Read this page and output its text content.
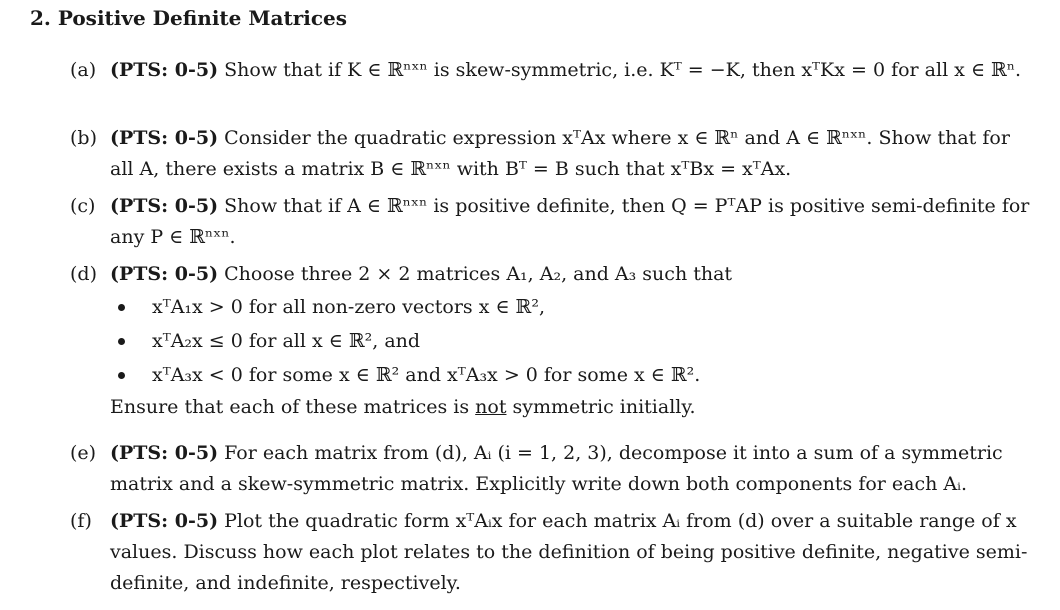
2. Positive Definite Matrices
(a) (PTS: 0-5) Show that if K ∈ ℝⁿˣⁿ is skew-symmetric, i.e. Kᵀ = −K, then xᵀKx = 0 for all x ∈ ℝⁿ.
(b) (PTS: 0-5) Consider the quadratic expression xᵀAx where x ∈ ℝⁿ and A ∈ ℝⁿˣⁿ. Show that for all A, there exists a matrix B ∈ ℝⁿˣⁿ with Bᵀ = B such that xᵀBx = xᵀAx.
(c) (PTS: 0-5) Show that if A ∈ ℝⁿˣⁿ is positive definite, then Q = PᵀAP is positive semi-definite for any P ∈ ℝⁿˣⁿ.
(d) (PTS: 0-5) Choose three 2 × 2 matrices A₁, A₂, and A₃ such that
xᵀA₁x > 0 for all non-zero vectors x ∈ ℝ²,
xᵀA₂x ≤ 0 for all x ∈ ℝ², and
xᵀA₃x < 0 for some x ∈ ℝ² and xᵀA₃x > 0 for some x ∈ ℝ².
Ensure that each of these matrices is not symmetric initially.
(e) (PTS: 0-5) For each matrix from (d), Aᵢ (i = 1, 2, 3), decompose it into a sum of a symmetric matrix and a skew-symmetric matrix. Explicitly write down both components for each Aᵢ.
(f) (PTS: 0-5) Plot the quadratic form xᵀAᵢx for each matrix Aᵢ from (d) over a suitable range of x values. Discuss how each plot relates to the definition of being positive definite, negative semi-definite, and indefinite, respectively.
